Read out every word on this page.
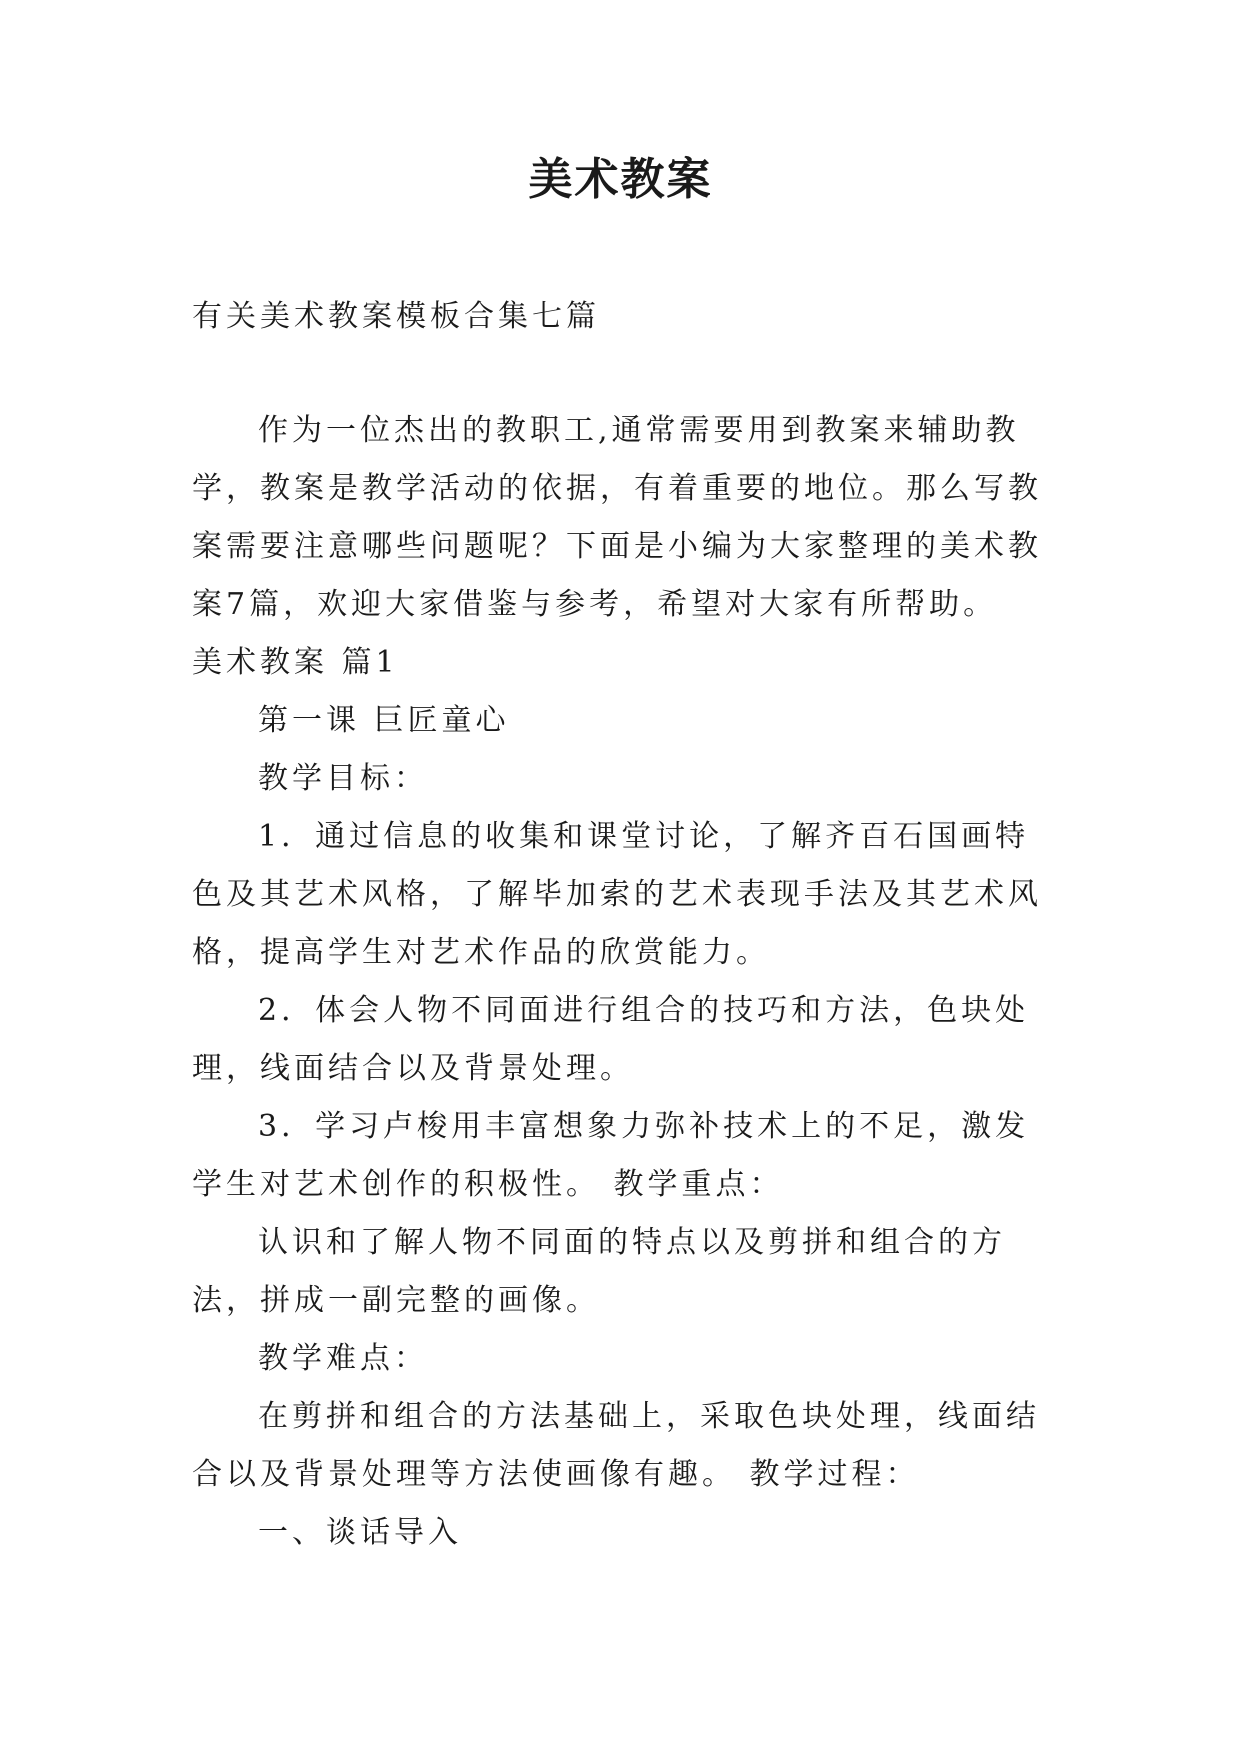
美术教案

有关美术教案模板合集七篇

作为一位杰出的教职工,通常需要用到教案来辅助教学，教案是教学活动的依据，有着重要的地位。那么写教案需要注意哪些问题呢？下面是小编为大家整理的美术教案7篇，欢迎大家借鉴与参考，希望对大家有所帮助。

美术教案 篇1

第一课 巨匠童心

教学目标：

1．通过信息的收集和课堂讨论，了解齐百石国画特色及其艺术风格，了解毕加索的艺术表现手法及其艺术风格，提高学生对艺术作品的欣赏能力。

2．体会人物不同面进行组合的技巧和方法，色块处理，线面结合以及背景处理。

3．学习卢梭用丰富想象力弥补技术上的不足，激发学生对艺术创作的积极性。 教学重点：

认识和了解人物不同面的特点以及剪拼和组合的方法，拼成一副完整的画像。

教学难点：

在剪拼和组合的方法基础上，采取色块处理，线面结合以及背景处理等方法使画像有趣。 教学过程：

一、谈话导入
